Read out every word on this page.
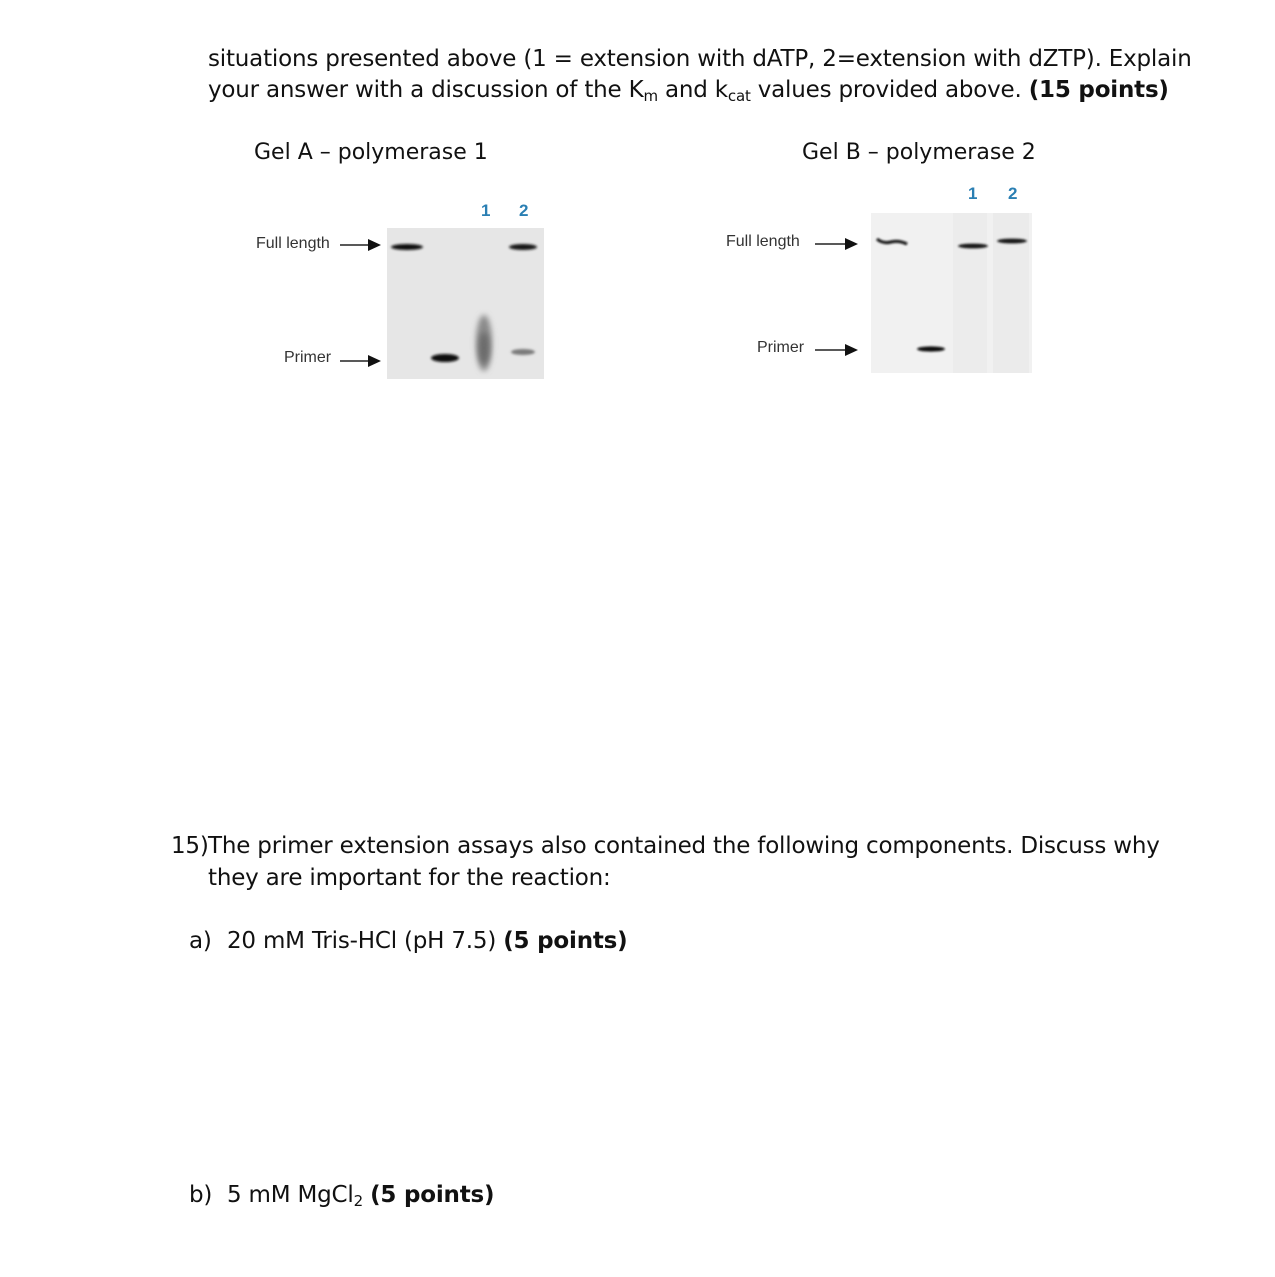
situations presented above (1 = extension with dATP, 2=extension with dZTP). Explain
your answer with a discussion of the Km and kcat values provided above. (15 points)
Gel A – polymerase 1
1 2
Full length
Primer
Gel B – polymerase 2
1 2
Full length
Primer
15) The primer extension assays also contained the following components. Discuss why
they are important for the reaction:
a) 20 mM Tris-HCl (pH 7.5) (5 points)
b) 5 mM MgCl2 (5 points)
